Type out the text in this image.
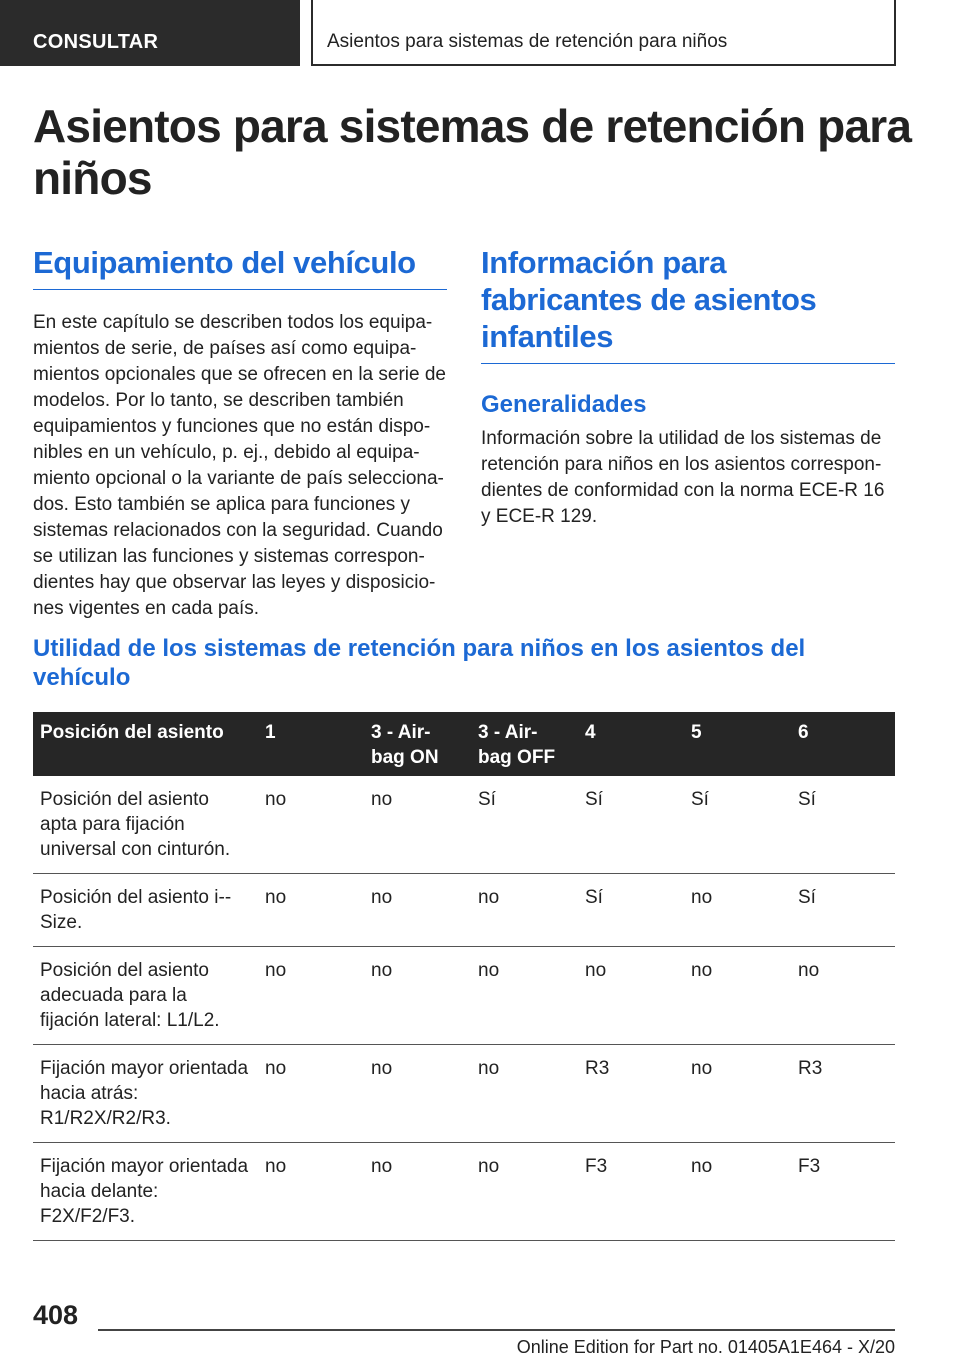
CONSULTAR	Asientos para sistemas de retención para niños
Asientos para sistemas de retención para niños
Equipamiento del vehículo

En este capítulo se describen todos los equipa-mientos de serie, de países así como equipa-mientos opcionales que se ofrecen en la serie de modelos. Por lo tanto, se describen también equipamientos y funciones que no están dispo-nibles en un vehículo, p. ej., debido al equipa-miento opcional o la variante de país selecciona-dos. Esto también se aplica para funciones y sistemas relacionados con la seguridad. Cuando se utilizan las funciones y sistemas correspon-dientes hay que observar las leyes y disposicio-nes vigentes en cada país.

Información para fabricantes de asientos infantiles
Generalidades

Información sobre la utilidad de los sistemas de retención para niños en los asientos correspon-dientes de conformidad con la norma ECE-R 16 y ECE-R 129.

Utilidad de los sistemas de retención para niños en los asientos del vehículo
Posición del asiento	1	3 - Air-bag ON	3 - Air-bag OFF	4	5	6
Posición del asiento apta para fijación universal con cinturón.	no	no	Sí	Sí	Sí	Sí
Posición del asiento i--Size.	no	no	no	Sí	no	Sí
Posición del asiento adecuada para la fijación lateral: L1/L2.	no	no	no	no	no	no
Fijación mayor orientada hacia atrás: R1/R2X/R2/R3.	no	no	no	R3	no	R3
Fijación mayor orientada hacia delante: F2X/F2/F3.	no	no	no	F3	no	F3
408
Online Edition for Part no. 01405A1E464 - X/20
